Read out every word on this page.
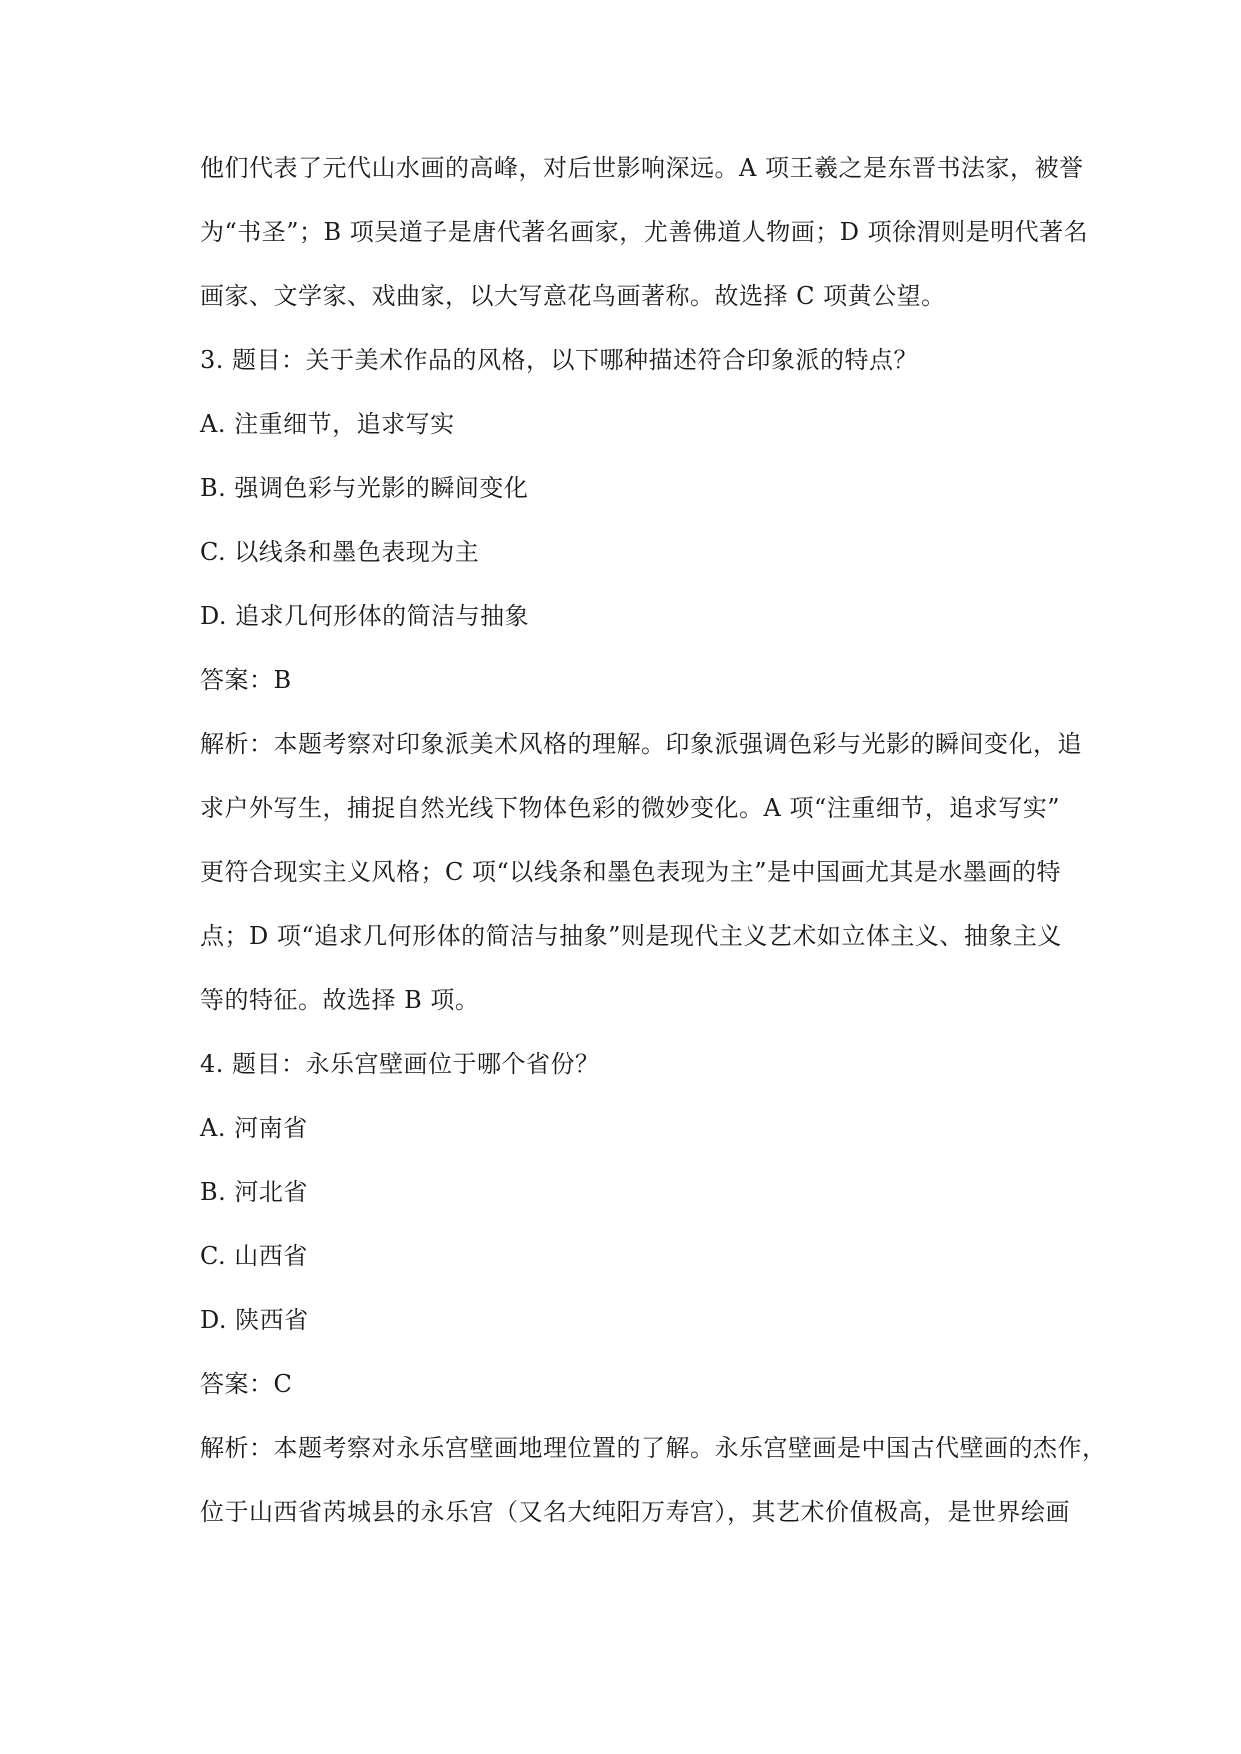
他们代表了元代山水画的高峰，对后世影响深远。A 项王羲之是东晋书法家，被誉
为“书圣”；B 项吴道子是唐代著名画家，尤善佛道人物画；D 项徐渭则是明代著名
画家、文学家、戏曲家，以大写意花鸟画著称。故选择 C 项黄公望。
3. 题目：关于美术作品的风格，以下哪种描述符合印象派的特点？
A. 注重细节，追求写实
B. 强调色彩与光影的瞬间变化
C. 以线条和墨色表现为主
D. 追求几何形体的简洁与抽象
答案：B
解析：本题考察对印象派美术风格的理解。印象派强调色彩与光影的瞬间变化，追
求户外写生，捕捉自然光线下物体色彩的微妙变化。A 项“注重细节，追求写实”
更符合现实主义风格；C 项“以线条和墨色表现为主”是中国画尤其是水墨画的特
点；D 项“追求几何形体的简洁与抽象”则是现代主义艺术如立体主义、抽象主义
等的特征。故选择 B 项。
4. 题目：永乐宫壁画位于哪个省份？
A. 河南省
B. 河北省
C. 山西省
D. 陕西省
答案：C
解析：本题考察对永乐宫壁画地理位置的了解。永乐宫壁画是中国古代壁画的杰作，
位于山西省芮城县的永乐宫（又名大纯阳万寿宫），其艺术价值极高，是世界绘画
